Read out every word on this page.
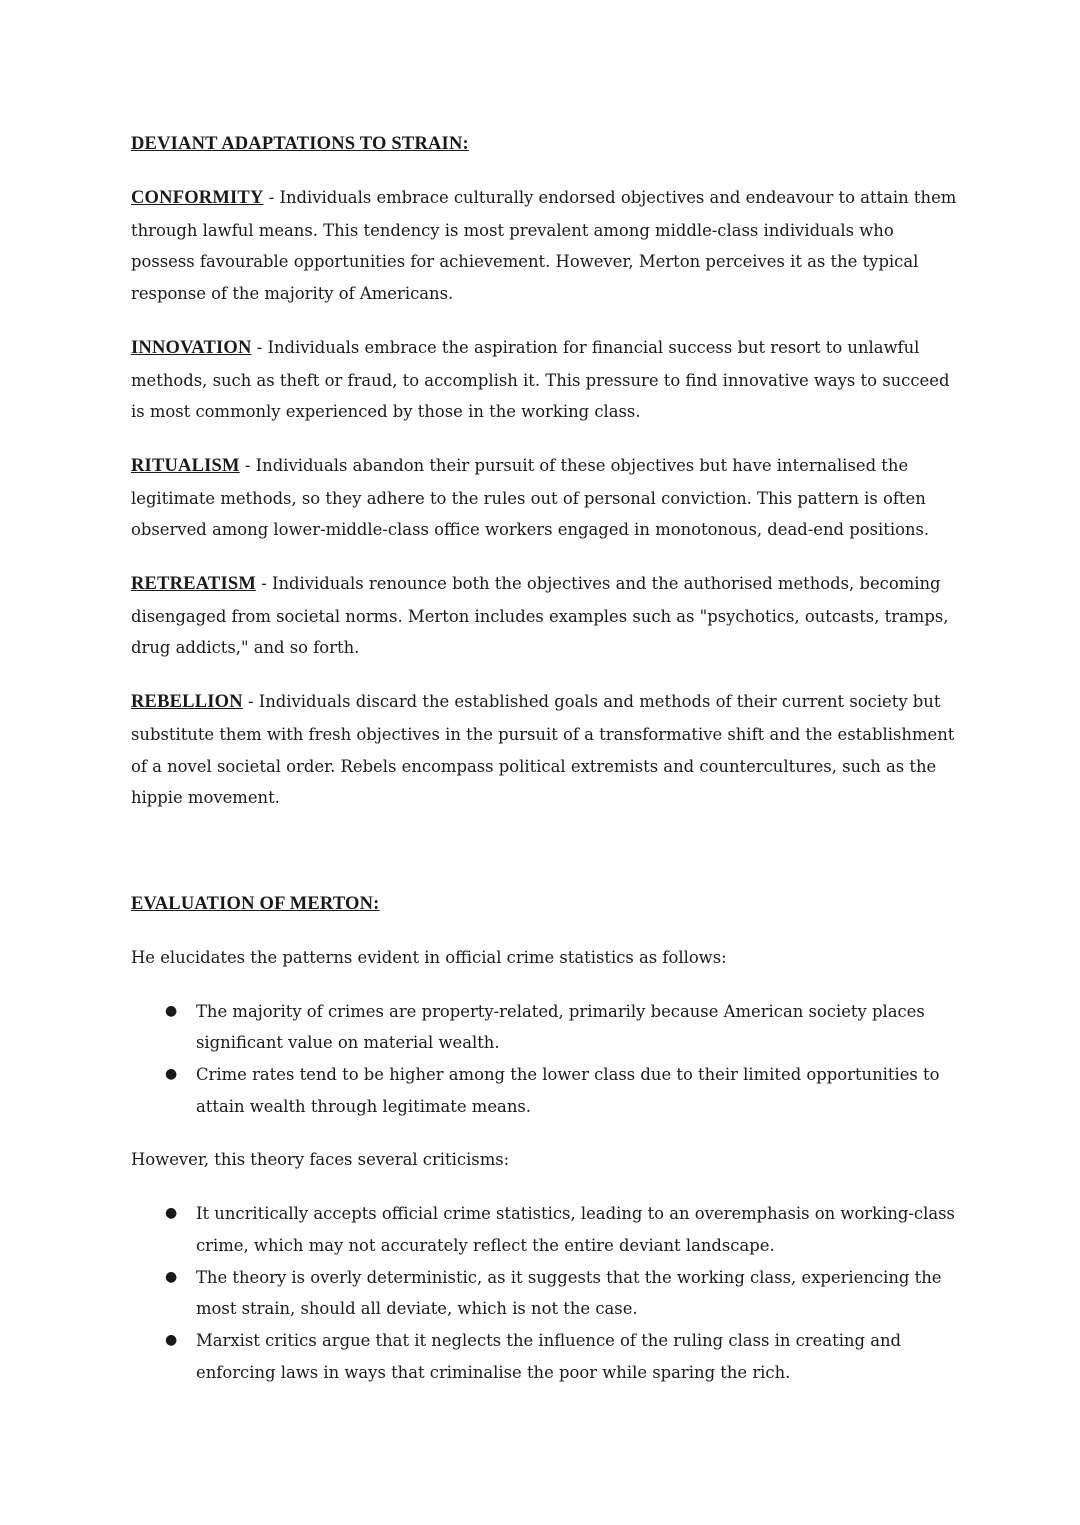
DEVIANT ADAPTATIONS TO STRAIN:

CONFORMITY - Individuals embrace culturally endorsed objectives and endeavour to attain them through lawful means. This tendency is most prevalent among middle-class individuals who possess favourable opportunities for achievement. However, Merton perceives it as the typical response of the majority of Americans.

INNOVATION - Individuals embrace the aspiration for financial success but resort to unlawful methods, such as theft or fraud, to accomplish it. This pressure to find innovative ways to succeed is most commonly experienced by those in the working class.

RITUALISM - Individuals abandon their pursuit of these objectives but have internalised the legitimate methods, so they adhere to the rules out of personal conviction. This pattern is often observed among lower-middle-class office workers engaged in monotonous, dead-end positions.

RETREATISM - Individuals renounce both the objectives and the authorised methods, becoming disengaged from societal norms. Merton includes examples such as "psychotics, outcasts, tramps, drug addicts," and so forth.

REBELLION - Individuals discard the established goals and methods of their current society but substitute them with fresh objectives in the pursuit of a transformative shift and the establishment of a novel societal order. Rebels encompass political extremists and countercultures, such as the hippie movement.

EVALUATION OF MERTON:

He elucidates the patterns evident in official crime statistics as follows:

● The majority of crimes are property-related, primarily because American society places significant value on material wealth.
● Crime rates tend to be higher among the lower class due to their limited opportunities to attain wealth through legitimate means.

However, this theory faces several criticisms:

● It uncritically accepts official crime statistics, leading to an overemphasis on working-class crime, which may not accurately reflect the entire deviant landscape.
● The theory is overly deterministic, as it suggests that the working class, experiencing the most strain, should all deviate, which is not the case.
● Marxist critics argue that it neglects the influence of the ruling class in creating and enforcing laws in ways that criminalise the poor while sparing the rich.
